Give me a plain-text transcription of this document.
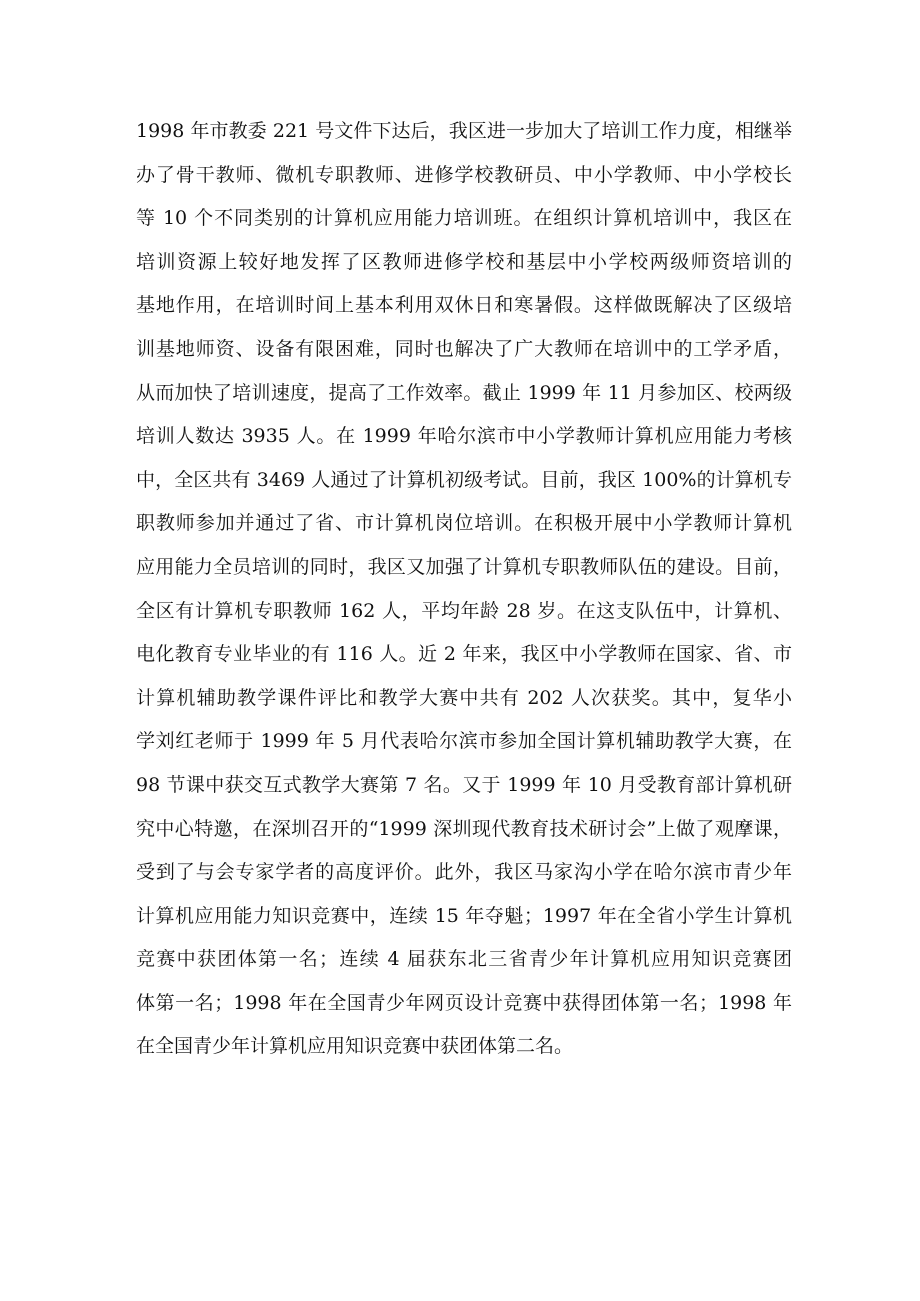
1998 年市教委 221 号文件下达后，我区进一步加大了培训工作力度，相继举
办了骨干教师、微机专职教师、进修学校教研员、中小学教师、中小学校长
等 10 个不同类别的计算机应用能力培训班。在组织计算机培训中，我区在
培训资源上较好地发挥了区教师进修学校和基层中小学校两级师资培训的
基地作用，在培训时间上基本利用双休日和寒暑假。这样做既解决了区级培
训基地师资、设备有限困难，同时也解决了广大教师在培训中的工学矛盾，
从而加快了培训速度，提高了工作效率。截止 1999 年 11 月参加区、校两级
培训人数达 3935 人。在 1999 年哈尔滨市中小学教师计算机应用能力考核
中，全区共有 3469 人通过了计算机初级考试。目前，我区 100%的计算机专
职教师参加并通过了省、市计算机岗位培训。在积极开展中小学教师计算机
应用能力全员培训的同时，我区又加强了计算机专职教师队伍的建设。目前，
全区有计算机专职教师 162 人，平均年龄 28 岁。在这支队伍中，计算机、
电化教育专业毕业的有 116 人。近 2 年来，我区中小学教师在国家、省、市
计算机辅助教学课件评比和教学大赛中共有 202 人次获奖。其中，复华小
学刘红老师于 1999 年 5 月代表哈尔滨市参加全国计算机辅助教学大赛，在
98 节课中获交互式教学大赛第 7 名。又于 1999 年 10 月受教育部计算机研
究中心特邀，在深圳召开的“1999 深圳现代教育技术研讨会”上做了观摩课，
受到了与会专家学者的高度评价。此外，我区马家沟小学在哈尔滨市青少年
计算机应用能力知识竞赛中，连续 15 年夺魁；1997 年在全省小学生计算机
竞赛中获团体第一名；连续 4 届获东北三省青少年计算机应用知识竞赛团
体第一名；1998 年在全国青少年网页设计竞赛中获得团体第一名；1998 年
在全国青少年计算机应用知识竞赛中获团体第二名。
